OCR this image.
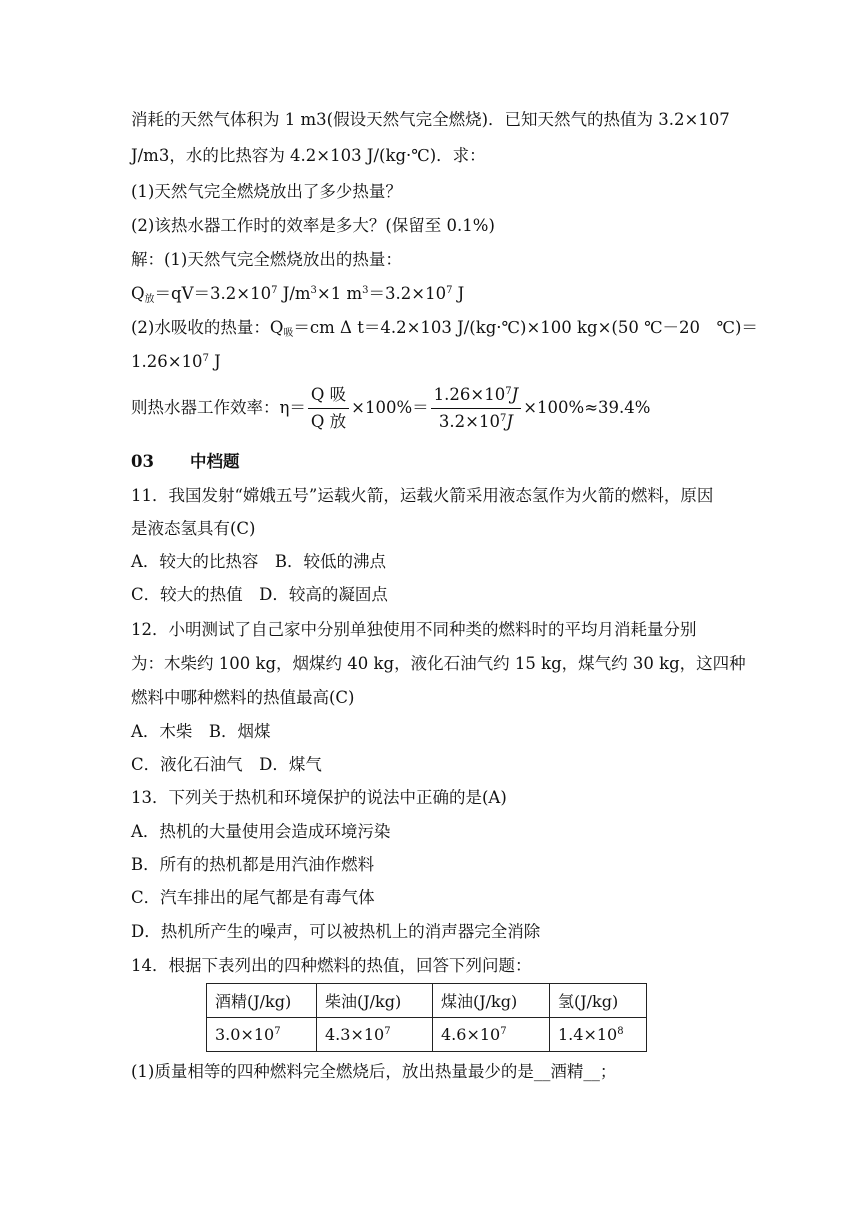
消耗的天然气体积为 1 m3(假设天然气完全燃烧)．已知天然气的热值为 3.2×107
J/m3，水的比热容为 4.2×103 J/(kg·℃)．求：
(1)天然气完全燃烧放出了多少热量？
(2)该热水器工作时的效率是多大？(保留至 0.1%)
解：(1)天然气完全燃烧放出的热量：
$Q_放=qV=3.2\times 10^7$ $J/m^3\times 1$ $m^3=3.2\times 10^7$ J
(2)水吸收的热量：$Q_吸=cm$ Δ t＝4.2×103 J/(kg·℃)×100 kg×(50 ℃－20　℃)＝
$1.26\times 10^7$ J
则热水器工作效率：$\eta= \frac{\text{Q 吸}}{\text{Q 放}} \times 100\%= \frac{1.26\times 10^7J}{3.2\times 10^7J} \times 100\%\approx 39.4\%$
03 中档题
11．我国发射“嫦娥五号”运载火箭，运载火箭采用液态氢作为火箭的燃料，原因
是液态氢具有(C)
A．较大的比热容　B．较低的沸点
C．较大的热值　D．较高的凝固点
12．小明测试了自己家中分别单独使用不同种类的燃料时的平均月消耗量分别
为：木柴约 100 kg，烟煤约 40 kg，液化石油气约 15 kg，煤气约 30 kg，这四种
燃料中哪种燃料的热值最高(C)
A．木柴　B．烟煤
C．液化石油气　D．煤气
13．下列关于热机和环境保护的说法中正确的是(A)
A．热机的大量使用会造成环境污染
B．所有的热机都是用汽油作燃料
C．汽车排出的尾气都是有毒气体
D．热机所产生的噪声，可以被热机上的消声器完全消除
14．根据下表列出的四种燃料的热值，回答下列问题：
酒精(J/kg)	柴油(J/kg)	煤油(J/kg)	氢(J/kg)
$3.0\times 10^7$	$4.3\times 10^7$	$4.6\times 10^7$	$1.4\times 10^8$
(1)质量相等的四种燃料完全燃烧后，放出热量最少的是__酒精__；
